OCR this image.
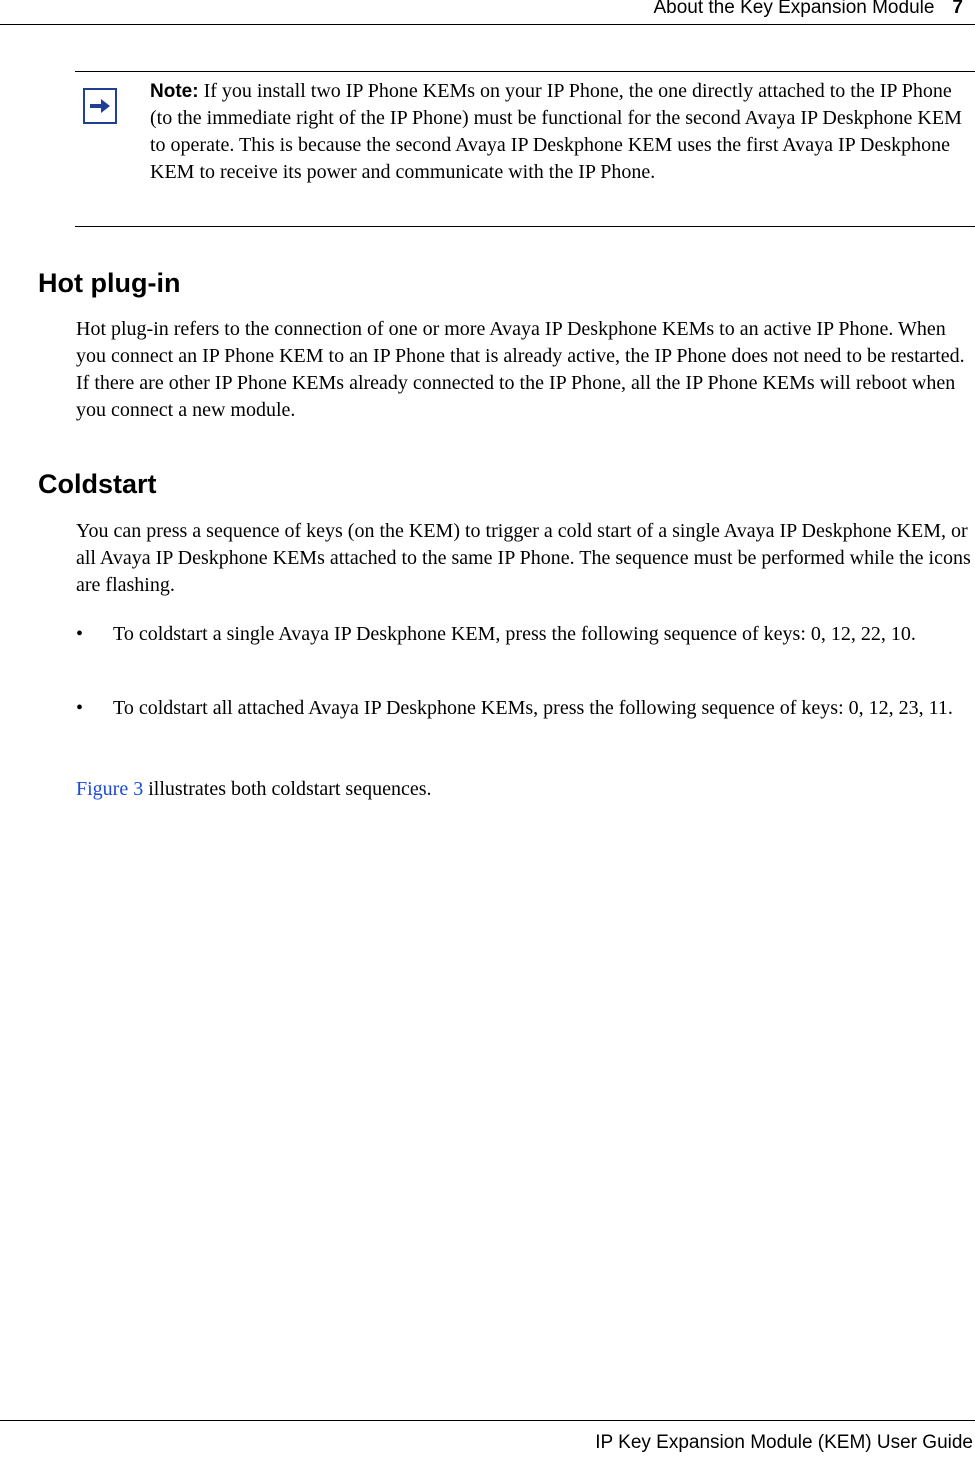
About the Key Expansion Module 7
Note: If you install two IP Phone KEMs on your IP Phone, the one directly attached to the IP Phone (to the immediate right of the IP Phone) must be functional for the second Avaya IP Deskphone KEM to operate. This is because the second Avaya IP Deskphone KEM uses the first Avaya IP Deskphone KEM to receive its power and communicate with the IP Phone.
Hot plug-in

Hot plug-in refers to the connection of one or more Avaya IP Deskphone KEMs to an active IP Phone. When you connect an IP Phone KEM to an IP Phone that is already active, the IP Phone does not need to be restarted. If there are other IP Phone KEMs already connected to the IP Phone, all the IP Phone KEMs will reboot when you connect a new module.

Coldstart

You can press a sequence of keys (on the KEM) to trigger a cold start of a single Avaya IP Deskphone KEM, or all Avaya IP Deskphone KEMs attached to the same IP Phone. The sequence must be performed while the icons are flashing.

•	To coldstart a single Avaya IP Deskphone KEM, press the following sequence of keys: 0, 12, 22, 10.
•	To coldstart all attached Avaya IP Deskphone KEMs, press the following sequence of keys: 0, 12, 23, 11.

Figure 3 illustrates both coldstart sequences.

IP Key Expansion Module (KEM) User Guide
